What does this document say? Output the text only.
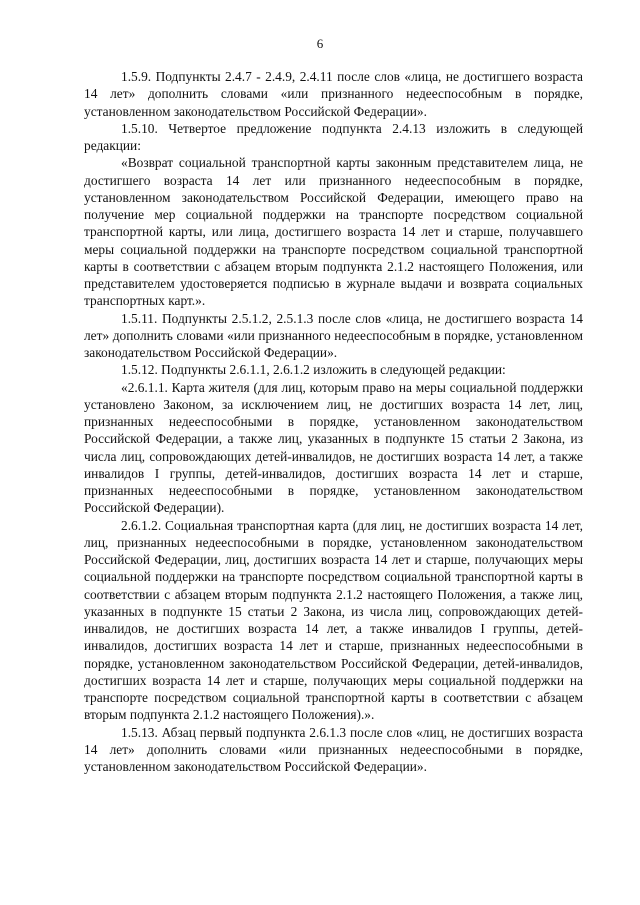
6

1.5.9. Подпункты 2.4.7 - 2.4.9, 2.4.11 после слов «лица, не достигшего возраста 14 лет» дополнить словами «или признанного недееспособным в порядке, установленном законодательством Российской Федерации».

1.5.10. Четвертое предложение подпункта 2.4.13 изложить в следующей редакции:

«Возврат социальной транспортной карты законным представителем лица, не достигшего возраста 14 лет или признанного недееспособным в порядке, установленном законодательством Российской Федерации, имеющего право на получение мер социальной поддержки на транспорте посредством социальной транспортной карты, или лица, достигшего возраста 14 лет и старше, получавшего меры социальной поддержки на транспорте посредством социальной транспортной карты в соответствии с абзацем вторым подпункта 2.1.2 настоящего Положения, или представителем удостоверяется подписью в журнале выдачи и возврата социальных транспортных карт.».

1.5.11. Подпункты 2.5.1.2, 2.5.1.3 после слов «лица, не достигшего возраста 14 лет» дополнить словами «или признанного недееспособным в порядке, установленном законодательством Российской Федерации».

1.5.12. Подпункты 2.6.1.1, 2.6.1.2 изложить в следующей редакции:

«2.6.1.1. Карта жителя (для лиц, которым право на меры социальной поддержки установлено Законом, за исключением лиц, не достигших возраста 14 лет, лиц, признанных недееспособными в порядке, установленном законодательством Российской Федерации, а также лиц, указанных в подпункте 15 статьи 2 Закона, из числа лиц, сопровождающих детей-инвалидов, не достигших возраста 14 лет, а также инвалидов I группы, детей-инвалидов, достигших возраста 14 лет и старше, признанных недееспособными в порядке, установленном законодательством Российской Федерации).

2.6.1.2. Социальная транспортная карта (для лиц, не достигших возраста 14 лет, лиц, признанных недееспособными в порядке, установленном законодательством Российской Федерации, лиц, достигших возраста 14 лет и старше, получающих меры социальной поддержки на транспорте посредством социальной транспортной карты в соответствии с абзацем вторым подпункта 2.1.2 настоящего Положения, а также лиц, указанных в подпункте 15 статьи 2 Закона, из числа лиц, сопровождающих детей-инвалидов, не достигших возраста 14 лет, а также инвалидов I группы, детей-инвалидов, достигших возраста 14 лет и старше, признанных недееспособными в порядке, установленном законодательством Российской Федерации, детей-инвалидов, достигших возраста 14 лет и старше, получающих меры социальной поддержки на транспорте посредством социальной транспортной карты в соответствии с абзацем вторым подпункта 2.1.2 настоящего Положения).».

1.5.13. Абзац первый подпункта 2.6.1.3 после слов «лиц, не достигших возраста 14 лет» дополнить словами «или признанных недееспособными в порядке, установленном законодательством Российской Федерации».
